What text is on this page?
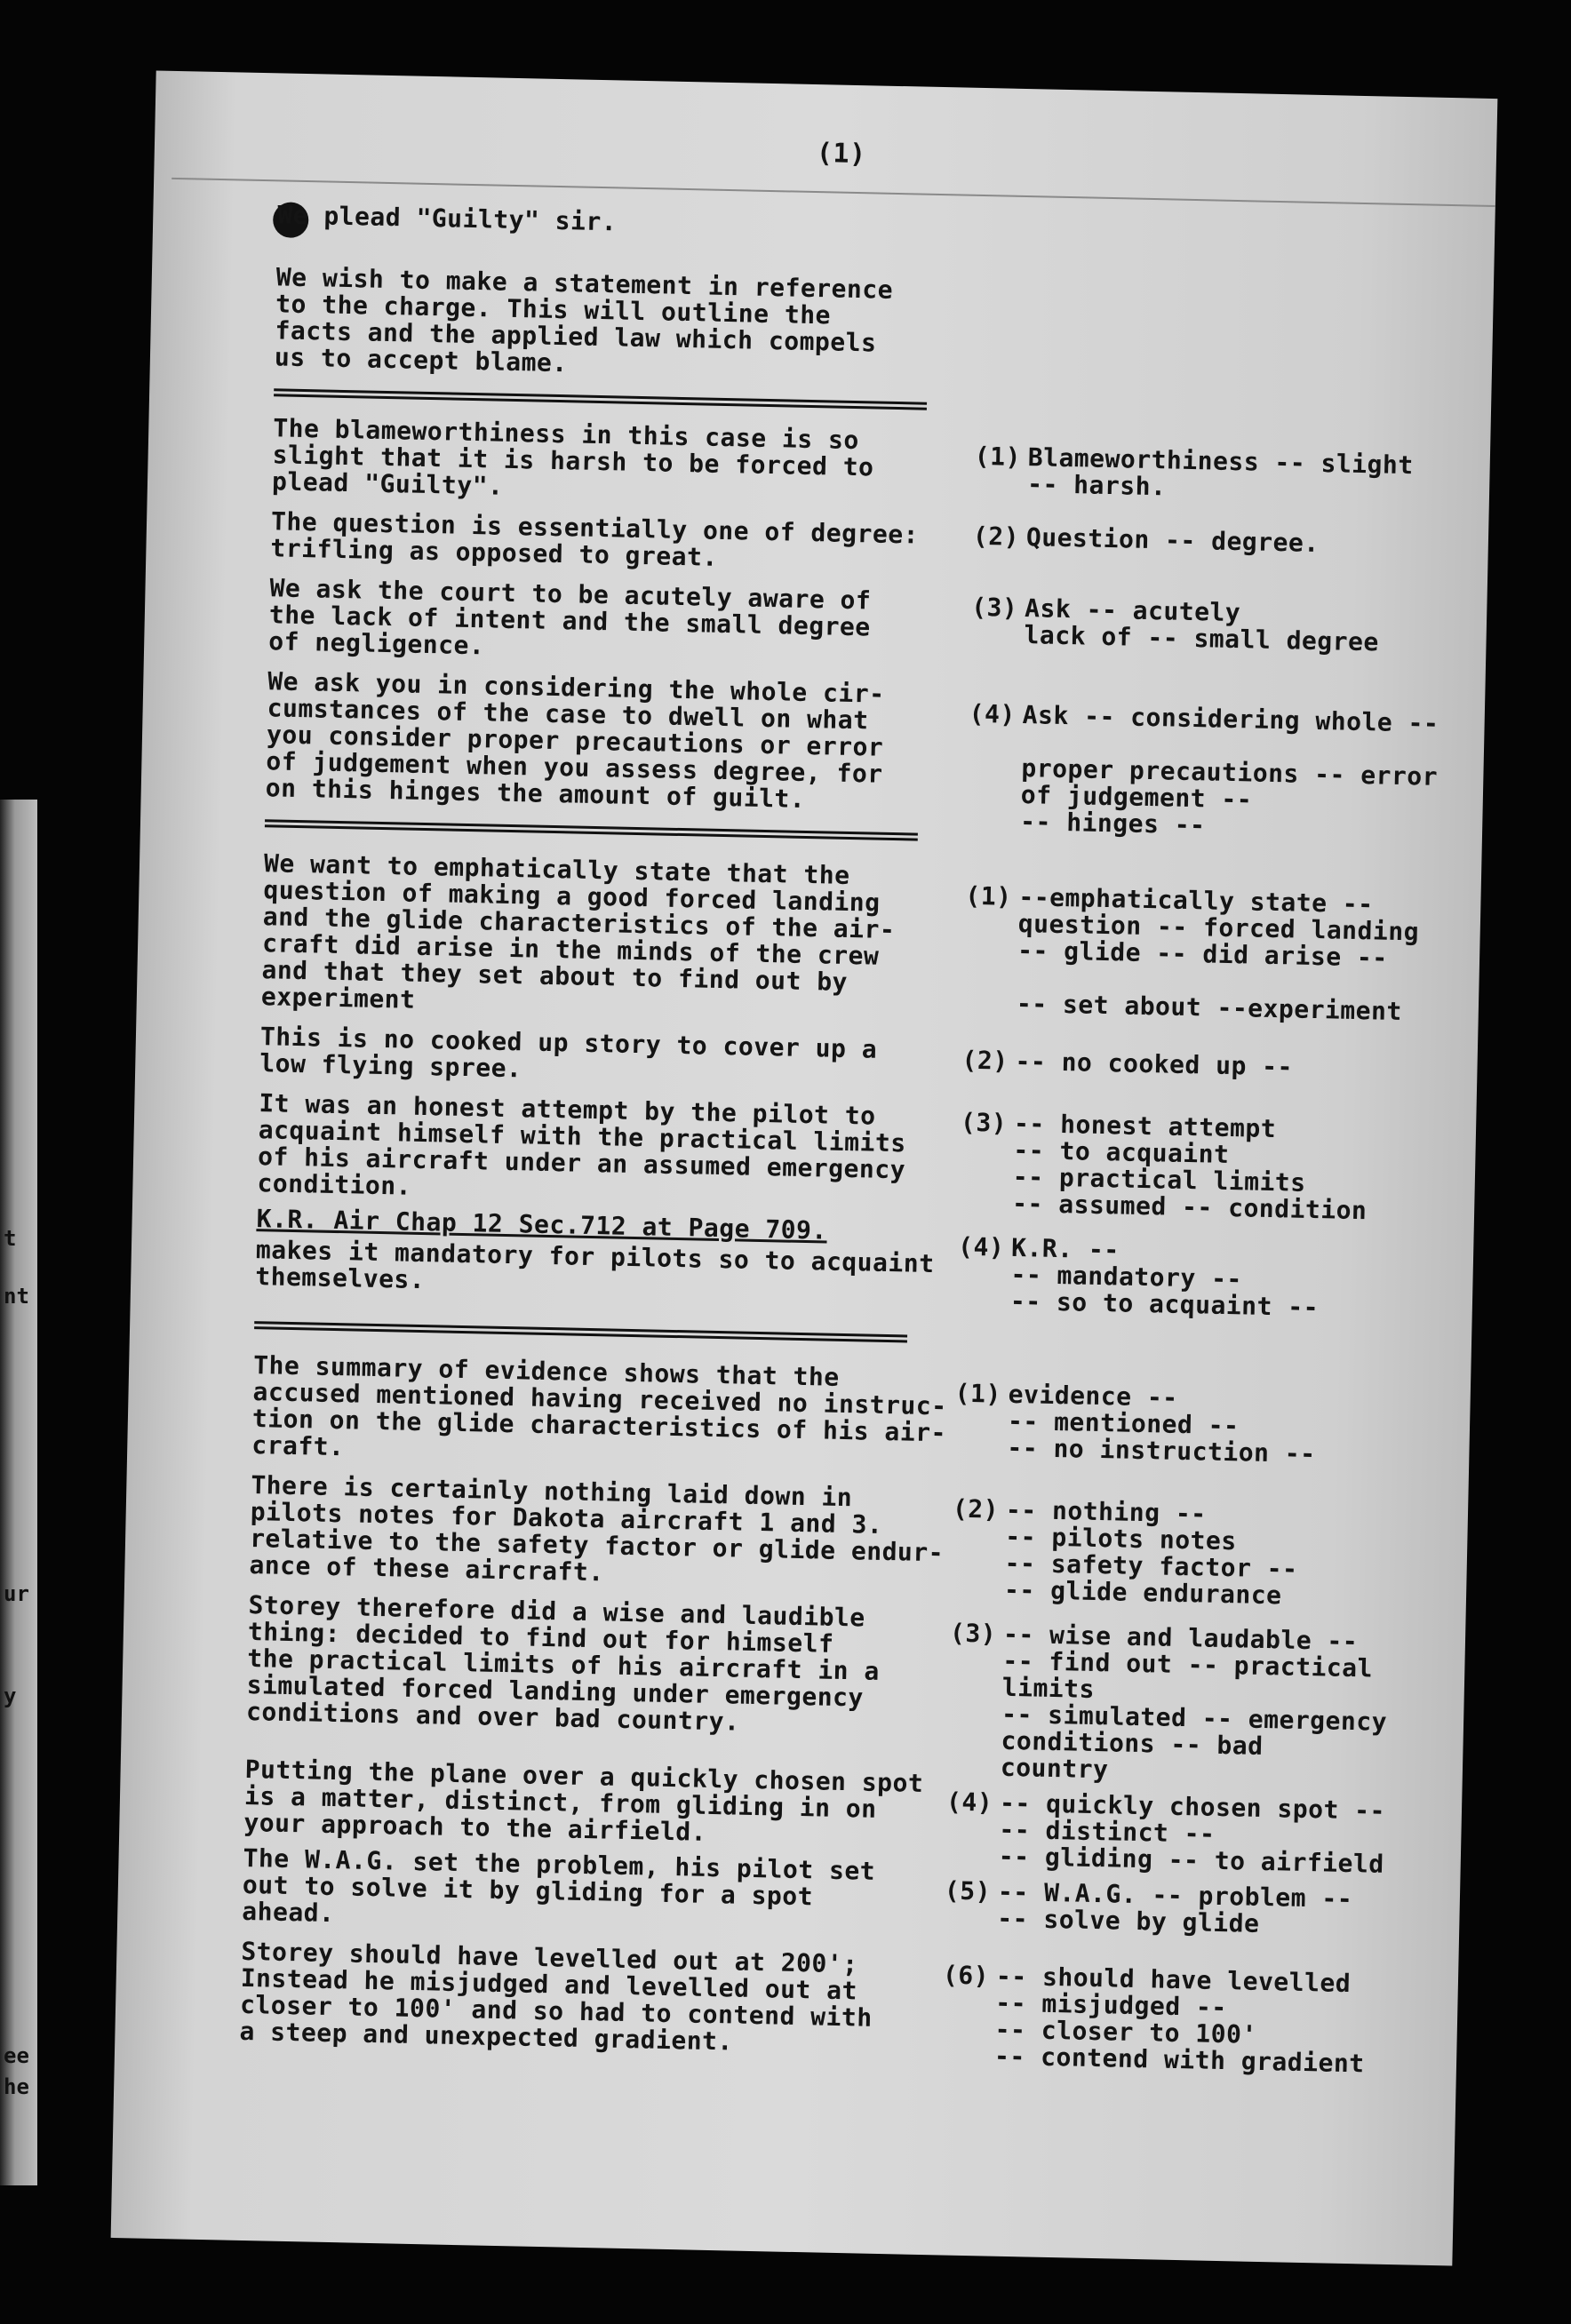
t
nt
ur
y
ee
he
(1)
We plead "Guilty" sir.
We wish to make a statement in reference
to the charge. This will outline the
facts and the applied law which compels
us to accept blame.
The blameworthiness in this case is so
slight that it is harsh to be forced to
plead "Guilty".
The question is essentially one of degree:
trifling as opposed to great.
We ask the court to be acutely aware of
the lack of intent and the small degree
of negligence.
We ask you in considering the whole cir-
cumstances of the case to dwell on what
you consider proper precautions or error
of judgement when you assess degree, for
on this hinges the amount of guilt.
(1) Blameworthiness -- slight
-- harsh.
(2) Question -- degree.
(3) Ask -- acutely
lack of -- small degree
(4) Ask -- considering whole --

proper precautions -- error
of judgement --
-- hinges --
We want to emphatically state that the
question of making a good forced landing
and the glide characteristics of the air-
craft did arise in the minds of the crew
and that they set about to find out by
experiment
This is no cooked up story to cover up a
low flying spree.
It was an honest attempt by the pilot to
acquaint himself with the practical limits
of his aircraft under an assumed emergency
condition.
K.R. Air Chap 12 Sec.712 at Page 709.
makes it mandatory for pilots so to acquaint
themselves.
(1) --emphatically state --
question -- forced landing
-- glide -- did arise --

-- set about --experiment
(2) -- no cooked up --
(3) -- honest attempt
-- to acquaint
-- practical limits
-- assumed -- condition
(4) K.R. --
-- mandatory --
-- so to acquaint --
The summary of evidence shows that the
accused mentioned having received no instruc-
tion on the glide characteristics of his air-
craft.
There is certainly nothing laid down in
pilots notes for Dakota aircraft 1 and 3.
relative to the safety factor or glide endur-
ance of these aircraft.
Storey therefore did a wise and laudible
thing: decided to find out for himself
the practical limits of his aircraft in a
simulated forced landing under emergency
conditions and over bad country.
Putting the plane over a quickly chosen spot
is a matter, distinct, from gliding in on
your approach to the airfield.
The W.A.G. set the problem, his pilot set
out to solve it by gliding for a spot
ahead.
Storey should have levelled out at 200';
Instead he misjudged and levelled out at
closer to 100' and so had to contend with
a steep and unexpected gradient.
(1) evidence --
-- mentioned --
-- no instruction --
(2) -- nothing --
-- pilots notes
-- safety factor --
-- glide endurance
(3) -- wise and laudable --
-- find out -- practical
limits
-- simulated -- emergency
conditions -- bad
country
(4) -- quickly chosen spot --
-- distinct --
-- gliding -- to airfield
(5) -- W.A.G. -- problem --
-- solve by glide
(6) -- should have levelled
-- misjudged --
-- closer to 100'
-- contend with gradient
